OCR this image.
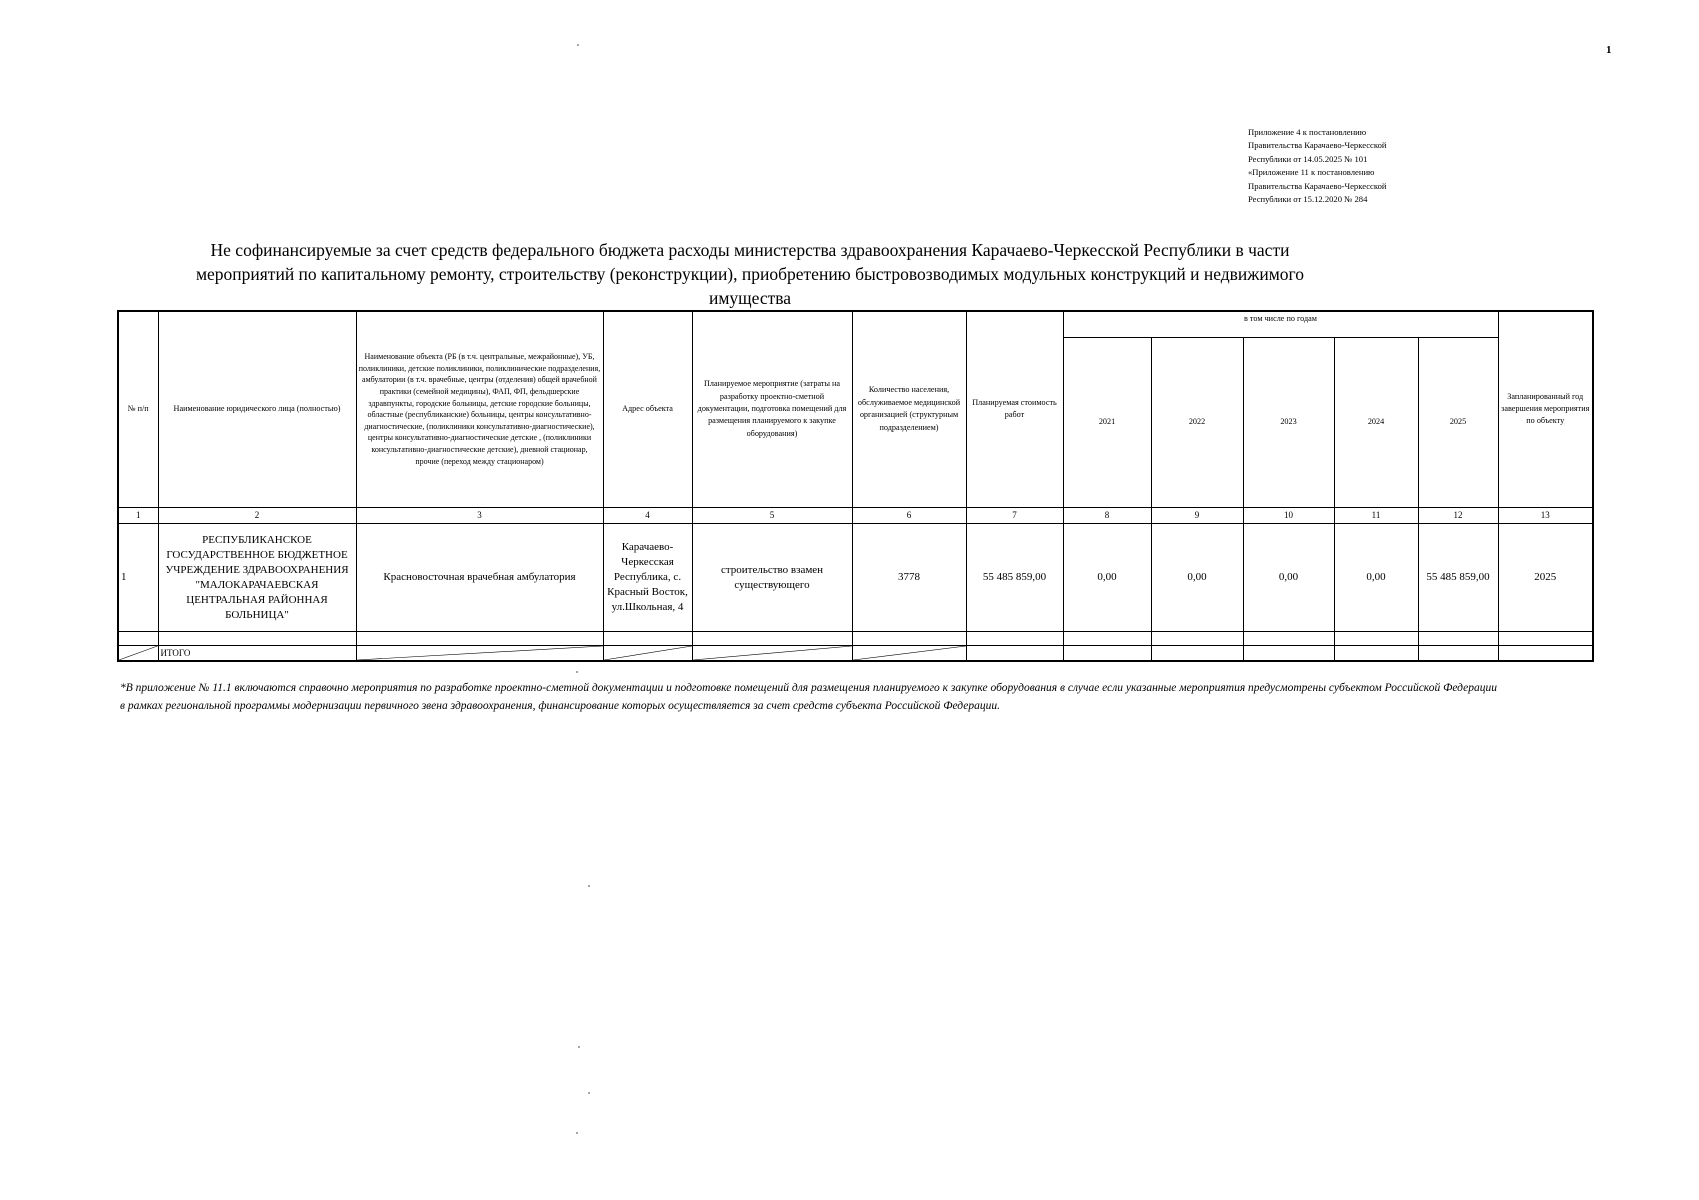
1
Приложение 4 к постановлению
Правительства Карачаево-Черкесской
Республики от 14.05.2025 № 101
«Приложение 11 к постановлению
Правительства Карачаево-Черкесской
Республики от 15.12.2020 № 284
Не софинансируемые за счет средств федерального бюджета расходы министерства здравоохранения Карачаево-Черкесской Республики в части мероприятий по капитальному ремонту, строительству (реконструкции), приобретению быстровозводимых модульных конструкций и недвижимого имущества
№ п/п	Наименование юридического лица (полностью)	Наименование объекта (РБ (в т.ч. центральные, межрайонные), УБ, поликлиники, детские поликлиники, поликлинические подразделения, амбулатории (в т.ч. врачебные, центры (отделения) общей врачебной практики (семейной медицины), ФАП, ФП, фельдшерские здравпункты, городские больницы, детские городские больницы, областные (республиканские) больницы, центры консультативно-диагностические, (поликлиники консультативно-диагностические), центры консультативно-диагностические детские , (поликлиники консультативно-диагностические детские), дневной стационар, прочие (переход между стационаром)	Адрес объекта	Планируемое мероприятие (затраты на разработку проектно-сметной документации, подготовка помещений для размещения планируемого к закупке оборудования)	Количество населения, обслуживаемое медицинской организацией (структурным подразделением)	Планируемая стоимость работ	в том числе по годам					Запланированный год завершения мероприятия по объекту
							2021	2022	2023	2024	2025	
1	2	3	4	5	6	7	8	9	10	11	12	13
1	РЕСПУБЛИКАНСКОЕ ГОСУДАРСТВЕННОЕ БЮДЖЕТНОЕ УЧРЕЖДЕНИЕ ЗДРАВООХРАНЕНИЯ "МАЛОКАРАЧАЕВСКАЯ ЦЕНТРАЛЬНАЯ РАЙОННАЯ БОЛЬНИЦА"	Красновосточная врачебная амбулатория	Карачаево-Черкесская Республика, с. Красный Восток, ул.Школьная, 4	строительство взамен существующего	3778	55 485 859,00	0,00	0,00	0,00	0,00	55 485 859,00	2025

	ИТОГО	

*В приложение № 11.1 включаются справочно мероприятия по разработке проектно-сметной документации и подготовке помещений для размещения планируемого к закупке оборудования в случае если указанные мероприятия предусмотрены субъектом Российской Федерации в рамках региональной программы модернизации первичного звена здравоохранения, финансирование которых осуществляется за счет средств субъекта Российской Федерации.
